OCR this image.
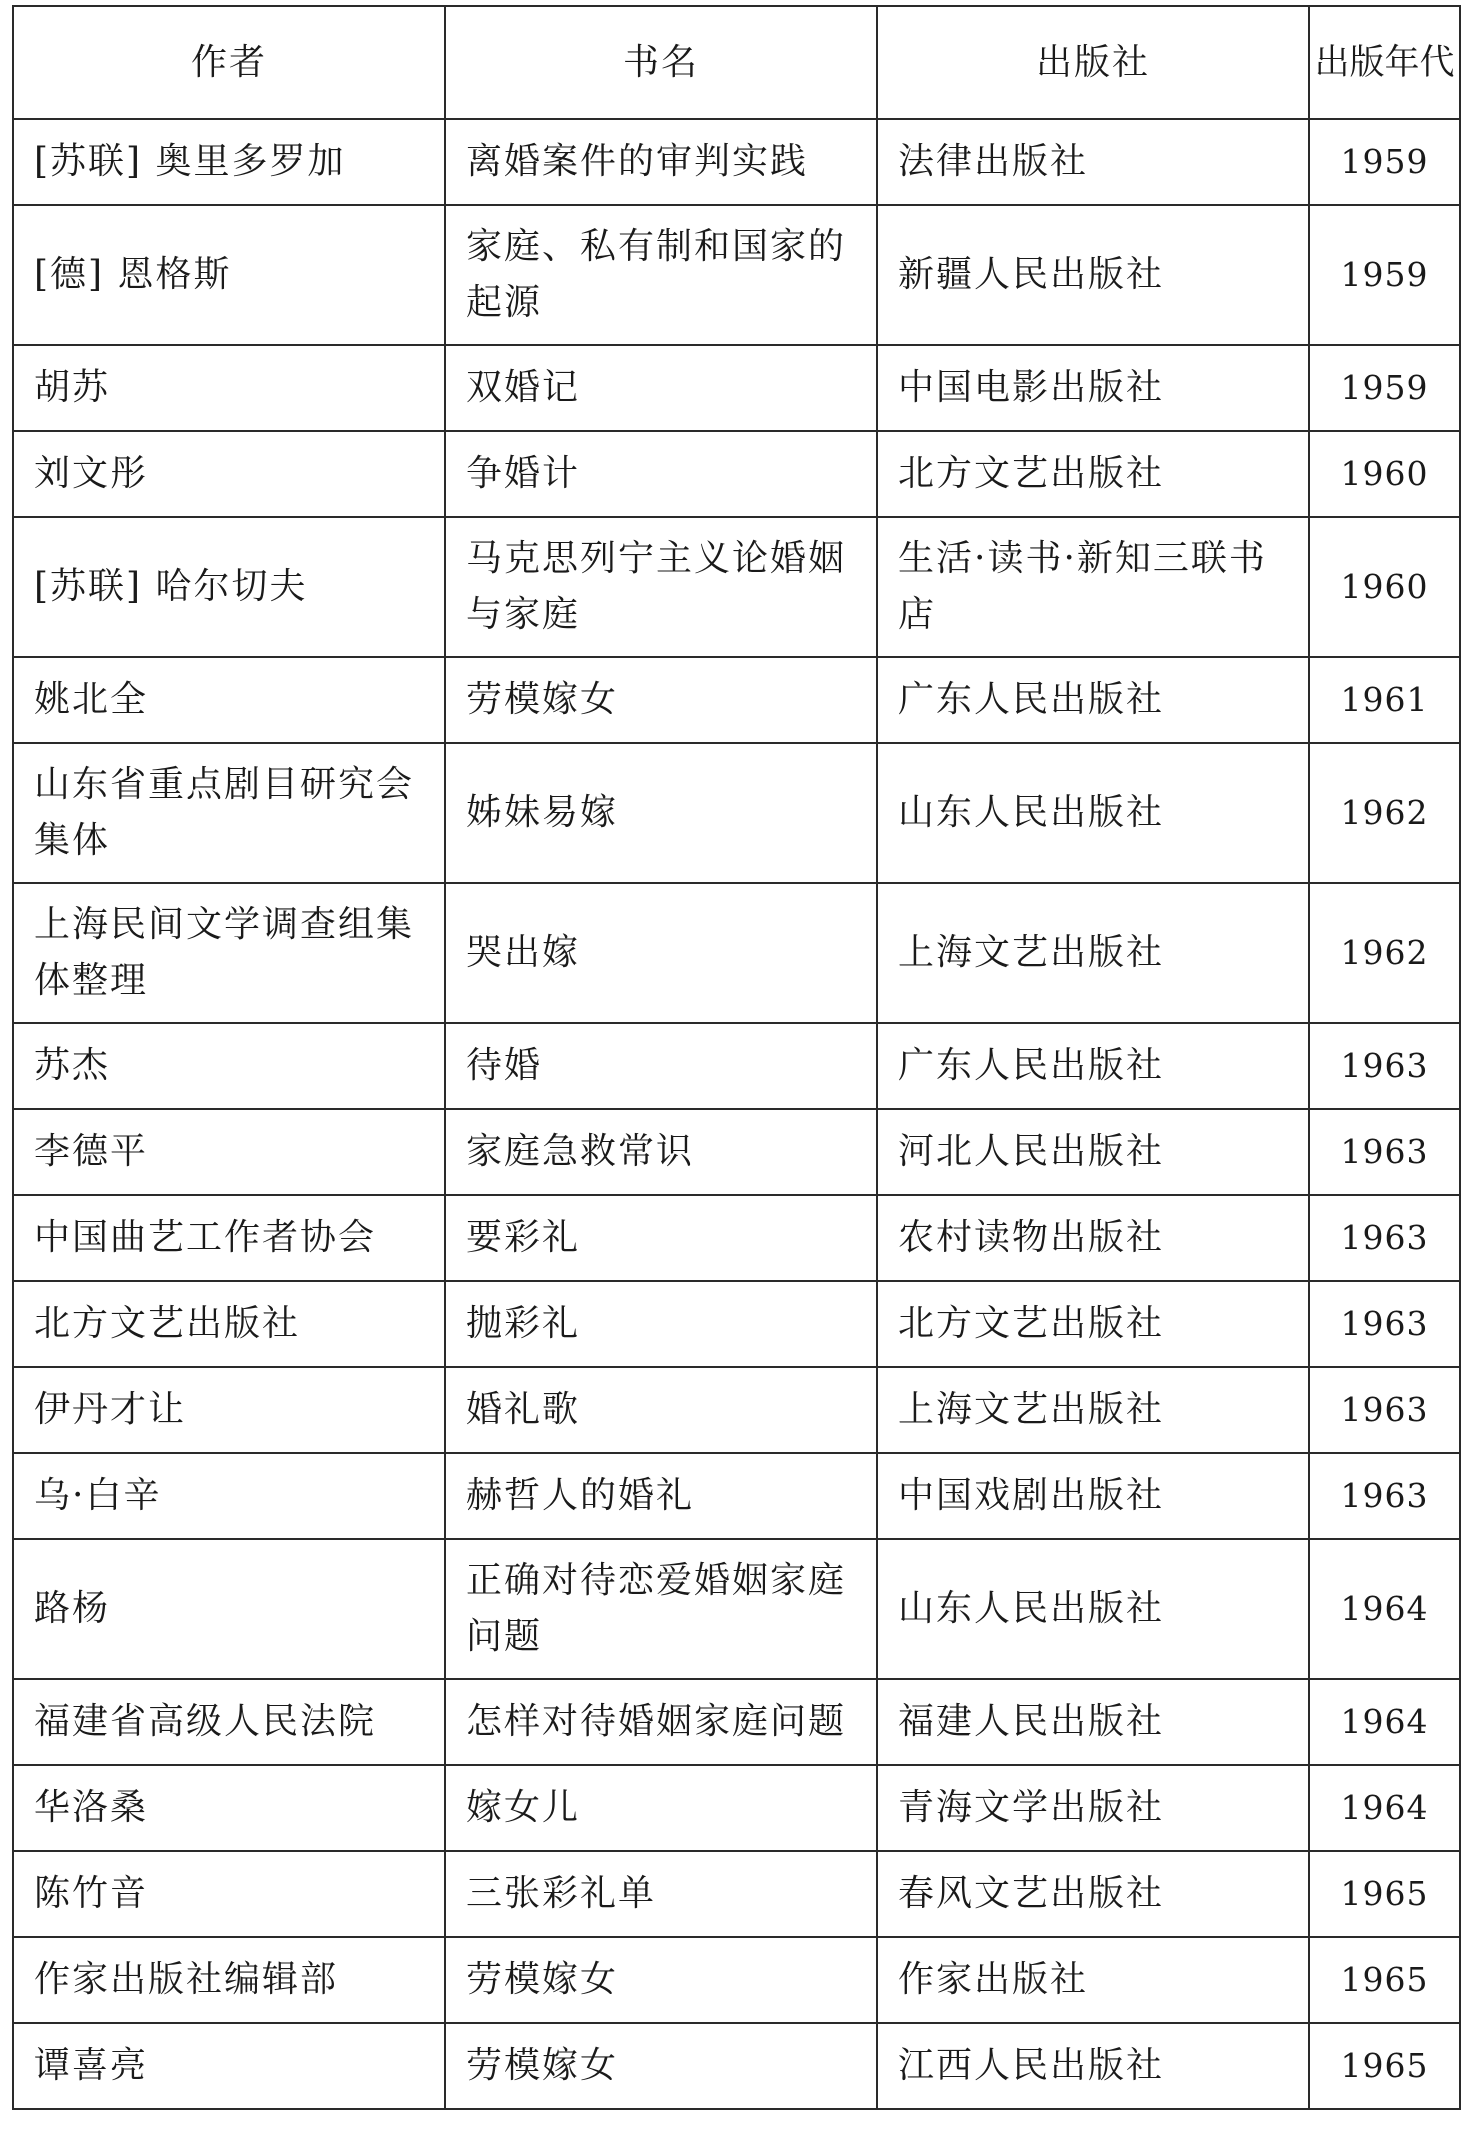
作者	书名	出版社	出版年代
[苏联] 奥里多罗加	离婚案件的审判实践	法律出版社	1959
[德] 恩格斯	家庭、私有制和国家的起源	新疆人民出版社	1959
胡苏	双婚记	中国电影出版社	1959
刘文彤	争婚计	北方文艺出版社	1960
[苏联] 哈尔切夫	马克思列宁主义论婚姻与家庭	生活·读书·新知三联书店	1960
姚北全	劳模嫁女	广东人民出版社	1961
山东省重点剧目研究会集体	姊妹易嫁	山东人民出版社	1962
上海民间文学调查组集体整理	哭出嫁	上海文艺出版社	1962
苏杰	待婚	广东人民出版社	1963
李德平	家庭急救常识	河北人民出版社	1963
中国曲艺工作者协会	要彩礼	农村读物出版社	1963
北方文艺出版社	抛彩礼	北方文艺出版社	1963
伊丹才让	婚礼歌	上海文艺出版社	1963
乌·白辛	赫哲人的婚礼	中国戏剧出版社	1963
路杨	正确对待恋爱婚姻家庭问题	山东人民出版社	1964
福建省高级人民法院	怎样对待婚姻家庭问题	福建人民出版社	1964
华洛桑	嫁女儿	青海文学出版社	1964
陈竹音	三张彩礼单	春风文艺出版社	1965
作家出版社编辑部	劳模嫁女	作家出版社	1965
谭喜亮	劳模嫁女	江西人民出版社	1965
